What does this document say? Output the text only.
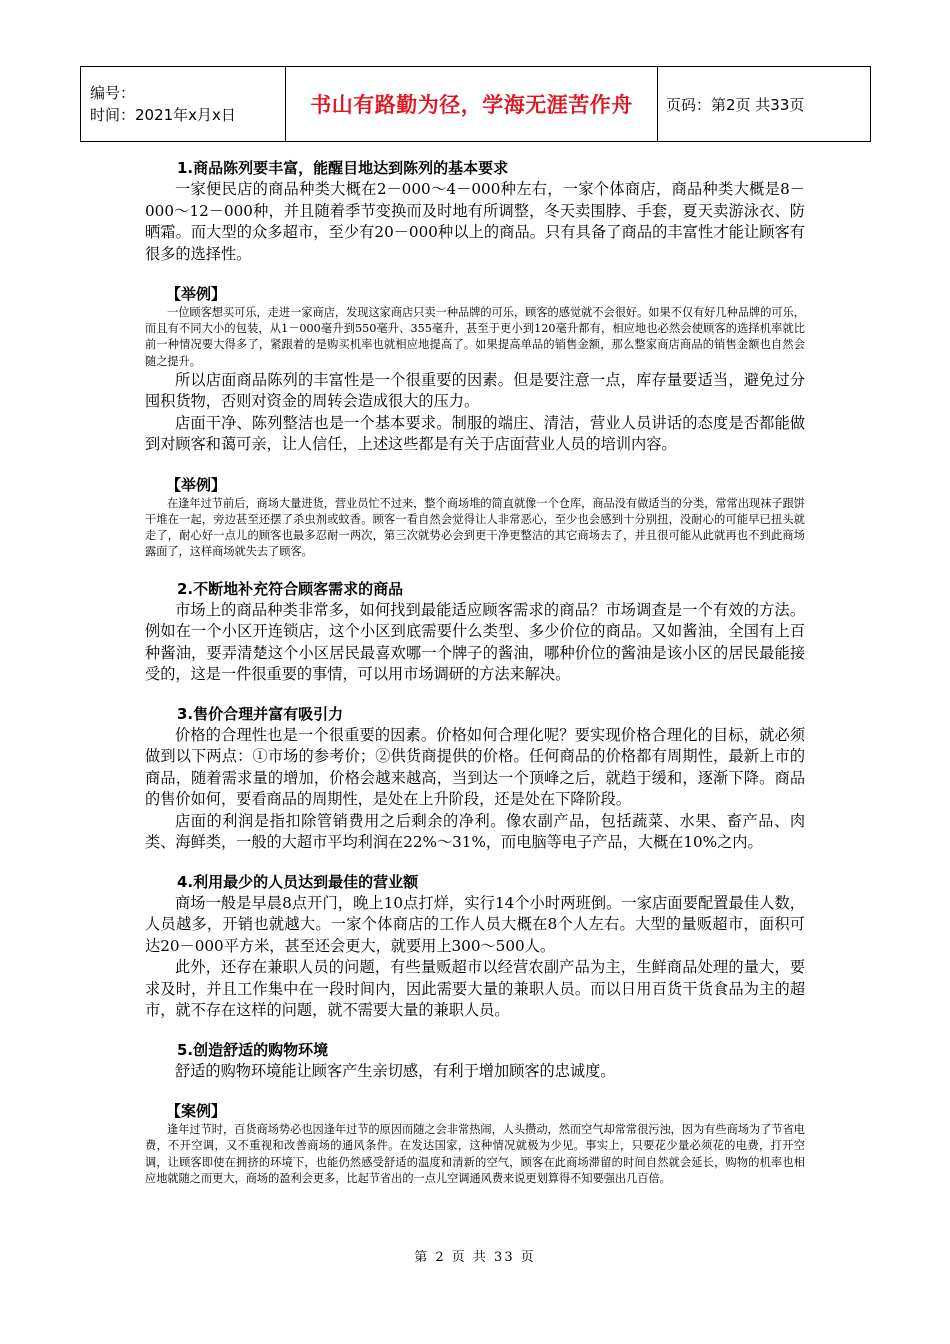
编号：
时间：2021年x月x日	书山有路勤为径，学海无涯苦作舟	页码：第2页 共33页
1.商品陈列要丰富，能醒目地达到陈列的基本要求

一家便民店的商品种类大概在2－000～4－000种左右，一家个体商店，商品种类大概是8－000～12－000种，并且随着季节变换而及时地有所调整，冬天卖围脖、手套，夏天卖游泳衣、防晒霜。而大型的众多超市，至少有20－000种以上的商品。只有具备了商品的丰富性才能让顾客有很多的选择性。

【举例】

一位顾客想买可乐，走进一家商店，发现这家商店只卖一种品牌的可乐，顾客的感觉就不会很好。如果不仅有好几种品牌的可乐，而且有不同大小的包装，从1－000毫升到550毫升、355毫升，甚至于更小到120毫升都有，相应地也必然会使顾客的选择机率就比前一种情况要大得多了，紧跟着的是购买机率也就相应地提高了。如果提高单品的销售金额，那么整家商店商品的销售金额也自然会随之提升。

所以店面商品陈列的丰富性是一个很重要的因素。但是要注意一点，库存量要适当，避免过分囤积货物，否则对资金的周转会造成很大的压力。

店面干净、陈列整洁也是一个基本要求。制服的端庄、清洁，营业人员讲话的态度是否都能做到对顾客和蔼可亲，让人信任，上述这些都是有关于店面营业人员的培训内容。

【举例】

在逢年过节前后，商场大量进货，营业员忙不过来，整个商场堆的简直就像一个仓库，商品没有做适当的分类，常常出现袜子跟饼干堆在一起，旁边甚至还摆了杀虫剂或蚊香。顾客一看自然会觉得让人非常恶心，至少也会感到十分别扭，没耐心的可能早已扭头就走了，耐心好一点儿的顾客也最多忍耐一两次，第三次就势必会到更干净更整洁的其它商场去了，并且很可能从此就再也不到此商场露面了，这样商场就失去了顾客。

2.不断地补充符合顾客需求的商品

市场上的商品种类非常多，如何找到最能适应顾客需求的商品？市场调查是一个有效的方法。例如在一个小区开连锁店，这个小区到底需要什么类型、多少价位的商品。又如酱油，全国有上百种酱油，要弄清楚这个小区居民最喜欢哪一个牌子的酱油，哪种价位的酱油是该小区的居民最能接受的，这是一件很重要的事情，可以用市场调研的方法来解决。

3.售价合理并富有吸引力

价格的合理性也是一个很重要的因素。价格如何合理化呢？要实现价格合理化的目标，就必须做到以下两点：①市场的参考价；②供货商提供的价格。任何商品的价格都有周期性，最新上市的商品，随着需求量的增加，价格会越来越高，当到达一个顶峰之后，就趋于缓和，逐渐下降。商品的售价如何，要看商品的周期性，是处在上升阶段，还是处在下降阶段。

店面的利润是指扣除管销费用之后剩余的净利。像农副产品，包括蔬菜、水果、畜产品、肉类、海鲜类，一般的大超市平均利润在22%～31%，而电脑等电子产品，大概在10%之内。

4.利用最少的人员达到最佳的营业额

商场一般是早晨8点开门，晚上10点打烊，实行14个小时两班倒。一家店面要配置最佳人数，人员越多，开销也就越大。一家个体商店的工作人员大概在8个人左右。大型的量贩超市，面积可达20－000平方米，甚至还会更大，就要用上300～500人。

此外，还存在兼职人员的问题，有些量贩超市以经营农副产品为主，生鲜商品处理的量大，要求及时，并且工作集中在一段时间内，因此需要大量的兼职人员。而以日用百货干货食品为主的超市，就不存在这样的问题，就不需要大量的兼职人员。

5.创造舒适的购物环境

舒适的购物环境能让顾客产生亲切感，有利于增加顾客的忠诚度。

【案例】

逢年过节时，百货商场势必也因逢年过节的原因而随之会非常热闹，人头攒动，然而空气却常常很污浊，因为有些商场为了节省电费，不开空调，又不重视和改善商场的通风条件。在发达国家，这种情况就极为少见。事实上，只要花少量必须花的电费，打开空调，让顾客即使在拥挤的环境下，也能仍然感受舒适的温度和清新的空气，顾客在此商场滞留的时间自然就会延长，购物的机率也相应地就随之而更大，商场的盈利会更多，比起节省出的一点儿空调通风费来说更划算得不知要强出几百倍。

第 2 页 共 33 页
